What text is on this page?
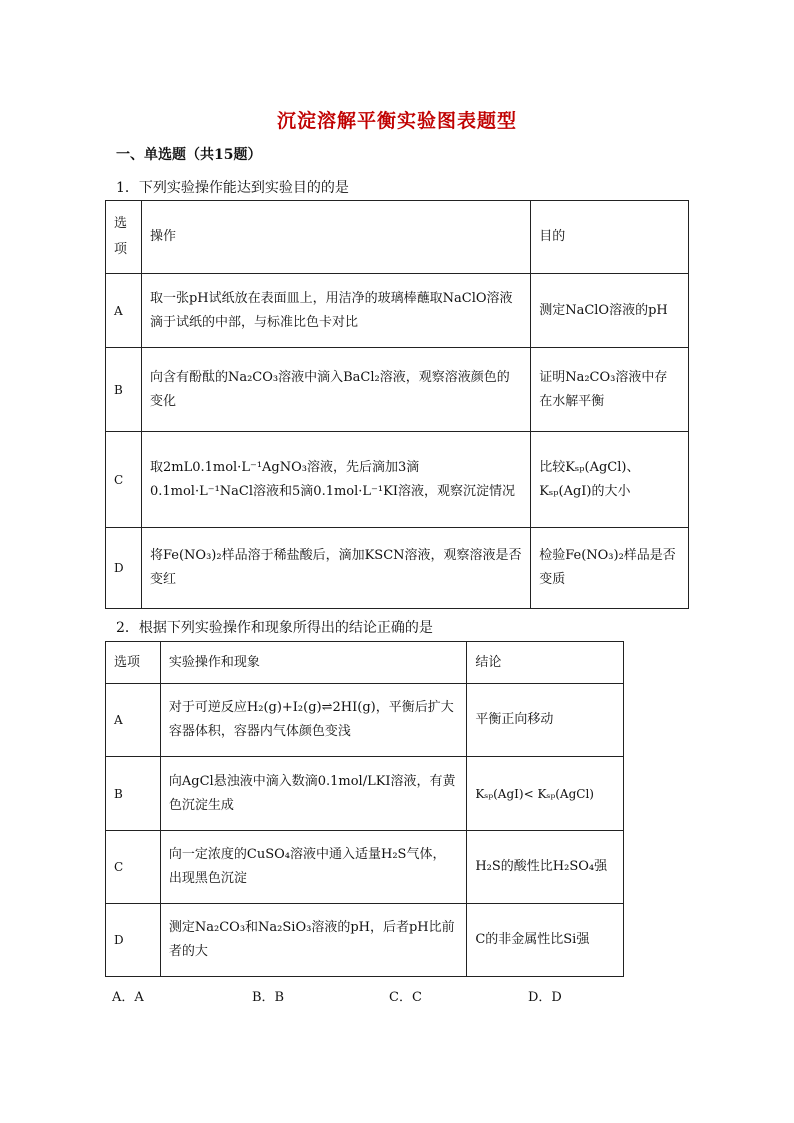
沉淀溶解平衡实验图表题型
一、单选题（共15题）
1．下列实验操作能达到实验目的的是
选项	操作	目的
A	取一张pH试纸放在表面皿上，用洁净的玻璃棒蘸取NaClO溶液滴于试纸的中部，与标准比色卡对比	测定NaClO溶液的pH
B	向含有酚酞的Na₂CO₃溶液中滴入BaCl₂溶液，观察溶液颜色的变化	证明Na₂CO₃溶液中存在水解平衡
C	取2mL0.1mol·L⁻¹AgNO₃溶液，先后滴加3滴0.1mol·L⁻¹NaCl溶液和5滴0.1mol·L⁻¹KI溶液，观察沉淀情况	比较Kₛₚ(AgCl)、Kₛₚ(AgI)的大小
D	将Fe(NO₃)₂样品溶于稀盐酸后，滴加KSCN溶液，观察溶液是否变红	检验Fe(NO₃)₂样品是否变质
2．根据下列实验操作和现象所得出的结论正确的是
选项	实验操作和现象	结论
A	对于可逆反应H₂(g)+I₂(g)⇌2HI(g)，平衡后扩大容器体积，容器内气体颜色变浅	平衡正向移动
B	向AgCl悬浊液中滴入数滴0.1mol/LKI溶液，有黄色沉淀生成	Kₛₚ(AgI)< Kₛₚ(AgCl)
C	向一定浓度的CuSO₄溶液中通入适量H₂S气体，出现黑色沉淀	H₂S的酸性比H₂SO₄强
D	测定Na₂CO₃和Na₂SiO₃溶液的pH，后者pH比前者的大	C的非金属性比Si强
A．A	B．B	C．C	D．D
